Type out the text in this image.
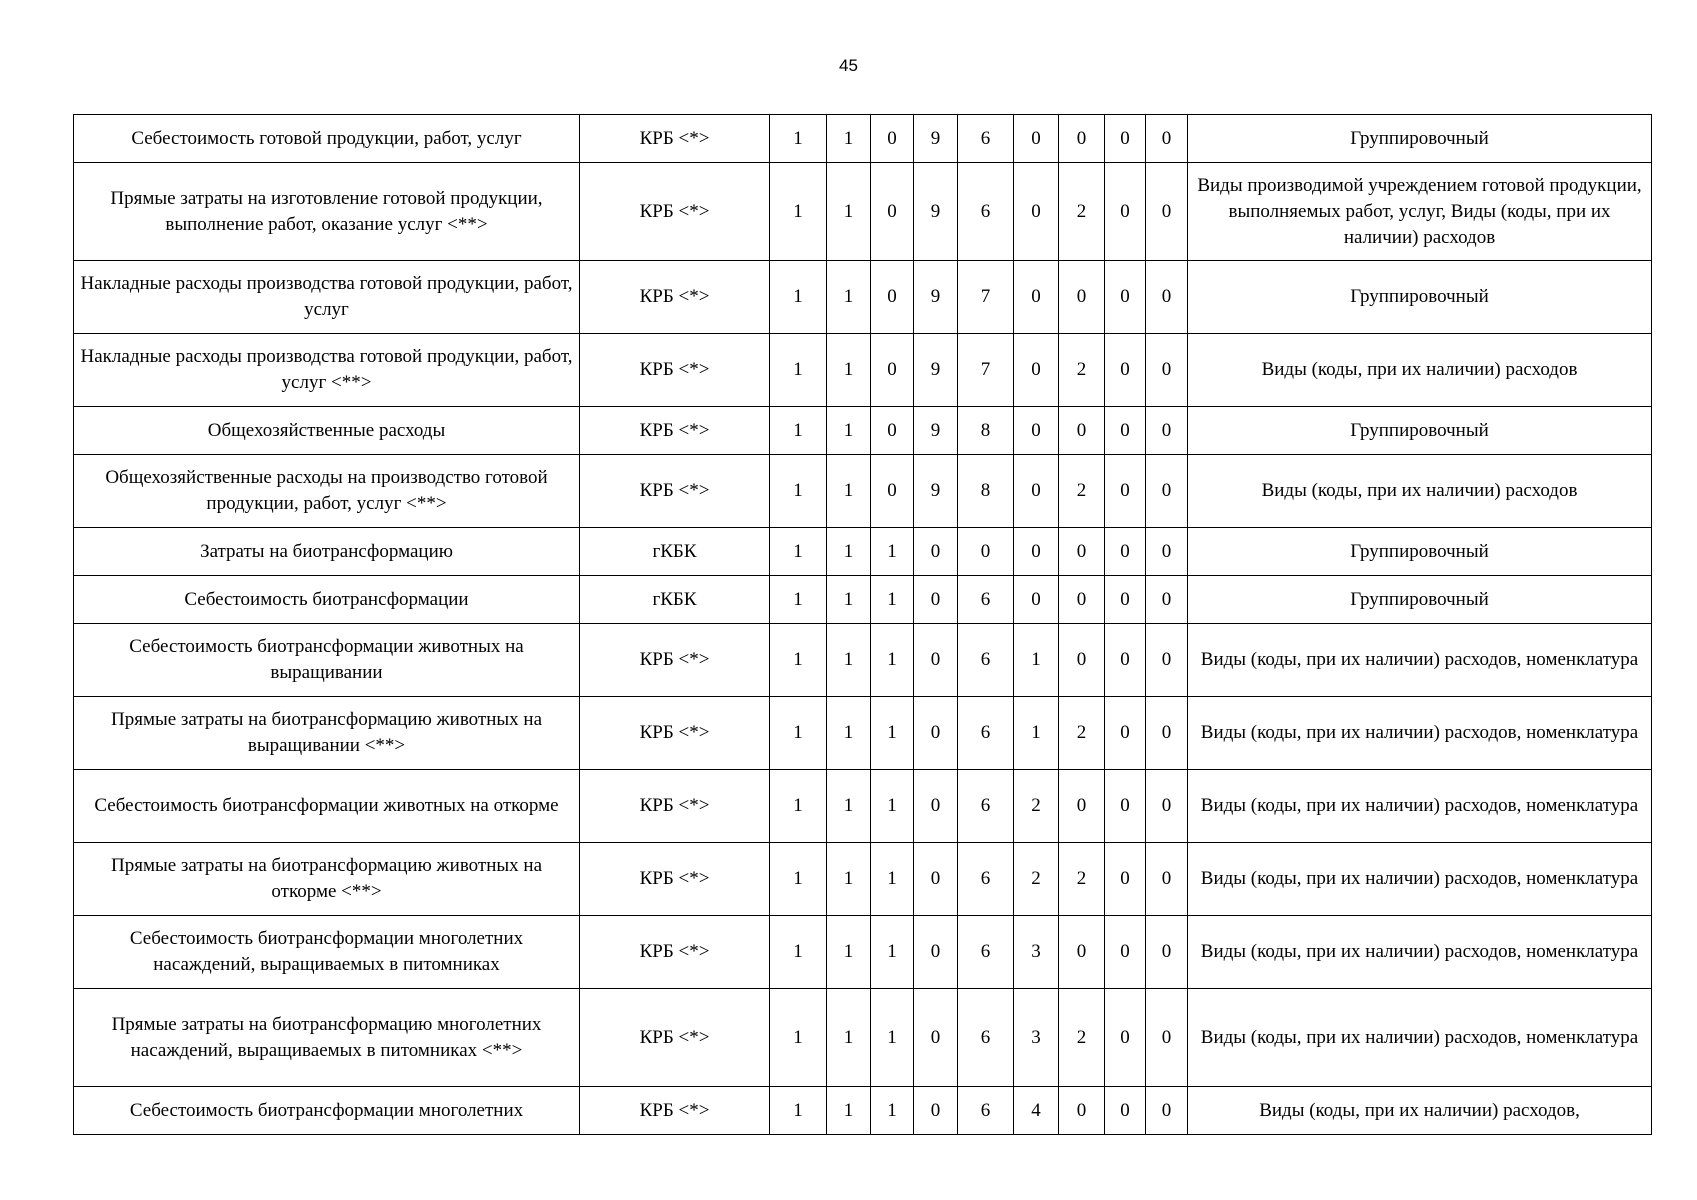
45
Себестоимость готовой продукции, работ, услуг	КРБ <*>	1	1	0	9	6	0	0	0	0	Группировочный
Прямые затраты на изготовление готовой продукции, выполнение работ, оказание услуг <**>	КРБ <*>	1	1	0	9	6	0	2	0	0	Виды производимой учреждением готовой продукции, выполняемых работ, услуг, Виды (коды, при их наличии) расходов
Накладные расходы производства готовой продукции, работ, услуг	КРБ <*>	1	1	0	9	7	0	0	0	0	Группировочный
Накладные расходы производства готовой продукции, работ, услуг <**>	КРБ <*>	1	1	0	9	7	0	2	0	0	Виды (коды, при их наличии) расходов
Общехозяйственные расходы	КРБ <*>	1	1	0	9	8	0	0	0	0	Группировочный
Общехозяйственные расходы на производство готовой продукции, работ, услуг <**>	КРБ <*>	1	1	0	9	8	0	2	0	0	Виды (коды, при их наличии) расходов
Затраты на биотрансформацию	гКБК	1	1	1	0	0	0	0	0	0	Группировочный
Себестоимость биотрансформации	гКБК	1	1	1	0	6	0	0	0	0	Группировочный
Себестоимость биотрансформации животных на выращивании	КРБ <*>	1	1	1	0	6	1	0	0	0	Виды (коды, при их наличии) расходов, номенклатура
Прямые затраты на биотрансформацию животных на выращивании <**>	КРБ <*>	1	1	1	0	6	1	2	0	0	Виды (коды, при их наличии) расходов, номенклатура
Себестоимость биотрансформации животных на откорме	КРБ <*>	1	1	1	0	6	2	0	0	0	Виды (коды, при их наличии) расходов, номенклатура
Прямые затраты на биотрансформацию животных на откорме <**>	КРБ <*>	1	1	1	0	6	2	2	0	0	Виды (коды, при их наличии) расходов, номенклатура
Себестоимость биотрансформации многолетних насаждений, выращиваемых в питомниках	КРБ <*>	1	1	1	0	6	3	0	0	0	Виды (коды, при их наличии) расходов, номенклатура
Прямые затраты на биотрансформацию многолетних насаждений, выращиваемых в питомниках <**>	КРБ <*>	1	1	1	0	6	3	2	0	0	Виды (коды, при их наличии) расходов, номенклатура
Себестоимость биотрансформации многолетних	КРБ <*>	1	1	1	0	6	4	0	0	0	Виды (коды, при их наличии) расходов,
